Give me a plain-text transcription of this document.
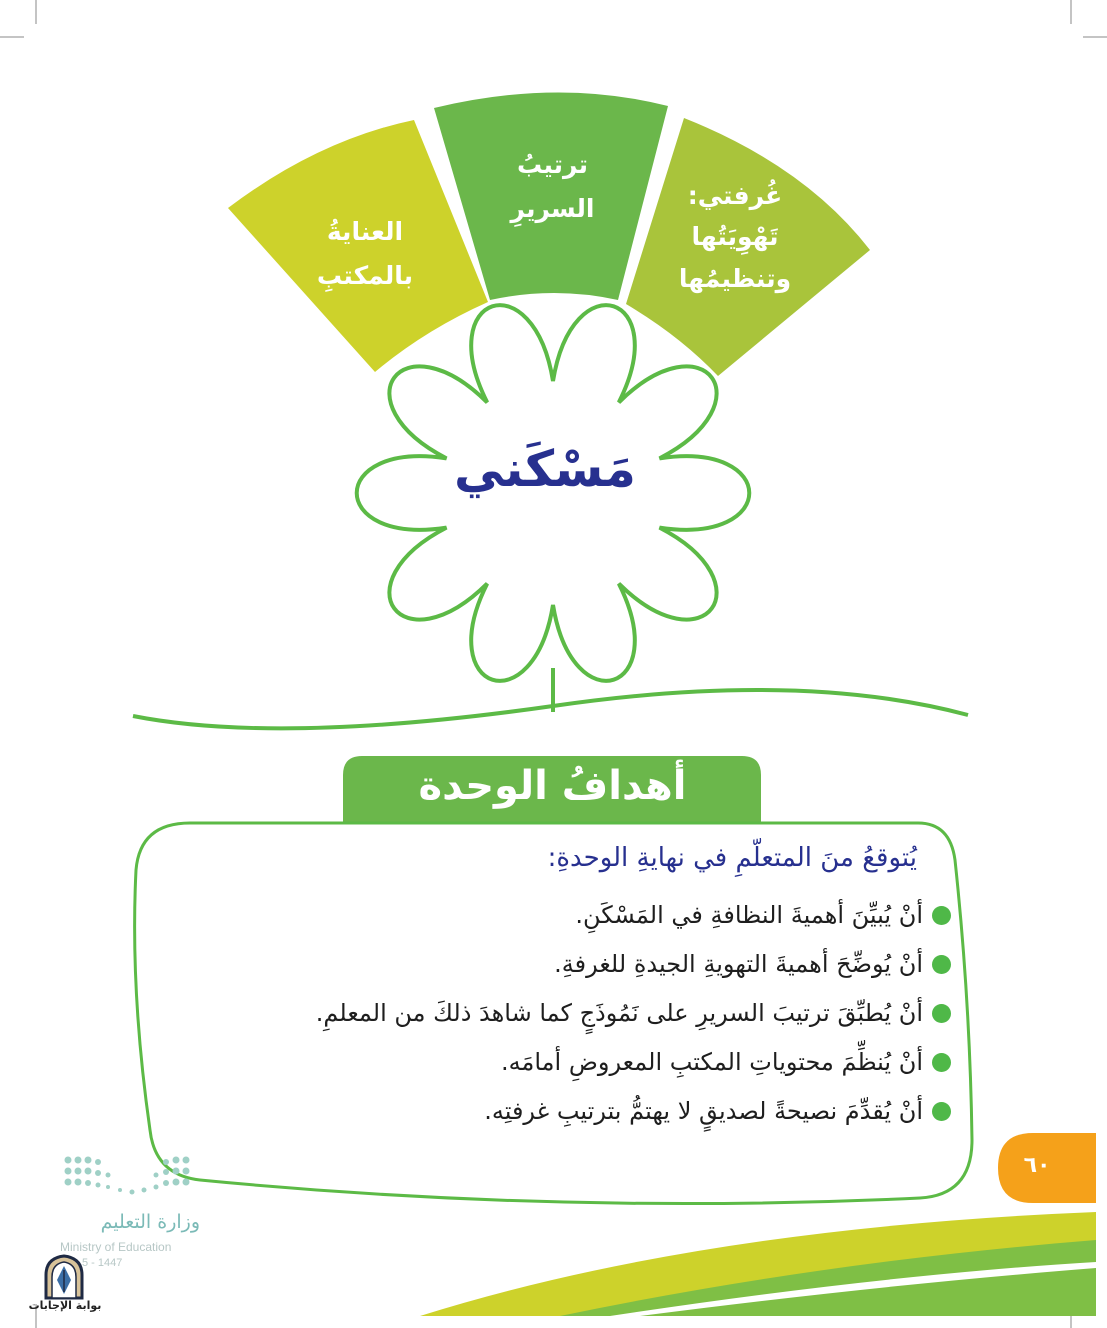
العنايةُ
بالمكتبِ
ترتيبُ
السريرِ	غُرفتي:
تَهْوِيَتُها
وتنظيمُها
مَسْكَني
أهدافُ الوحدة
يُتوقعُ منَ المتعلّمِ في نهايةِ الوحدةِ:
أنْ يُبيِّنَ أهميةَ النظافةِ في المَسْكَنِ.
أنْ يُوضِّحَ أهميةَ التهويةِ الجيدةِ للغرفةِ.
أنْ يُطبِّقَ ترتيبَ السريرِ على نَمُوذَجٍ كما شاهدَ ذلكَ من المعلمِ.
أنْ يُنظِّمَ محتوياتِ المكتبِ المعروضِ أمامَه.
أنْ يُقدِّمَ نصيحةً لصديقٍ لا يهتمُّ بترتيبِ غرفتِه.
٦٠
وزارة التعليم
Ministry of Education
5 - 1447
بوابة الإجابات
